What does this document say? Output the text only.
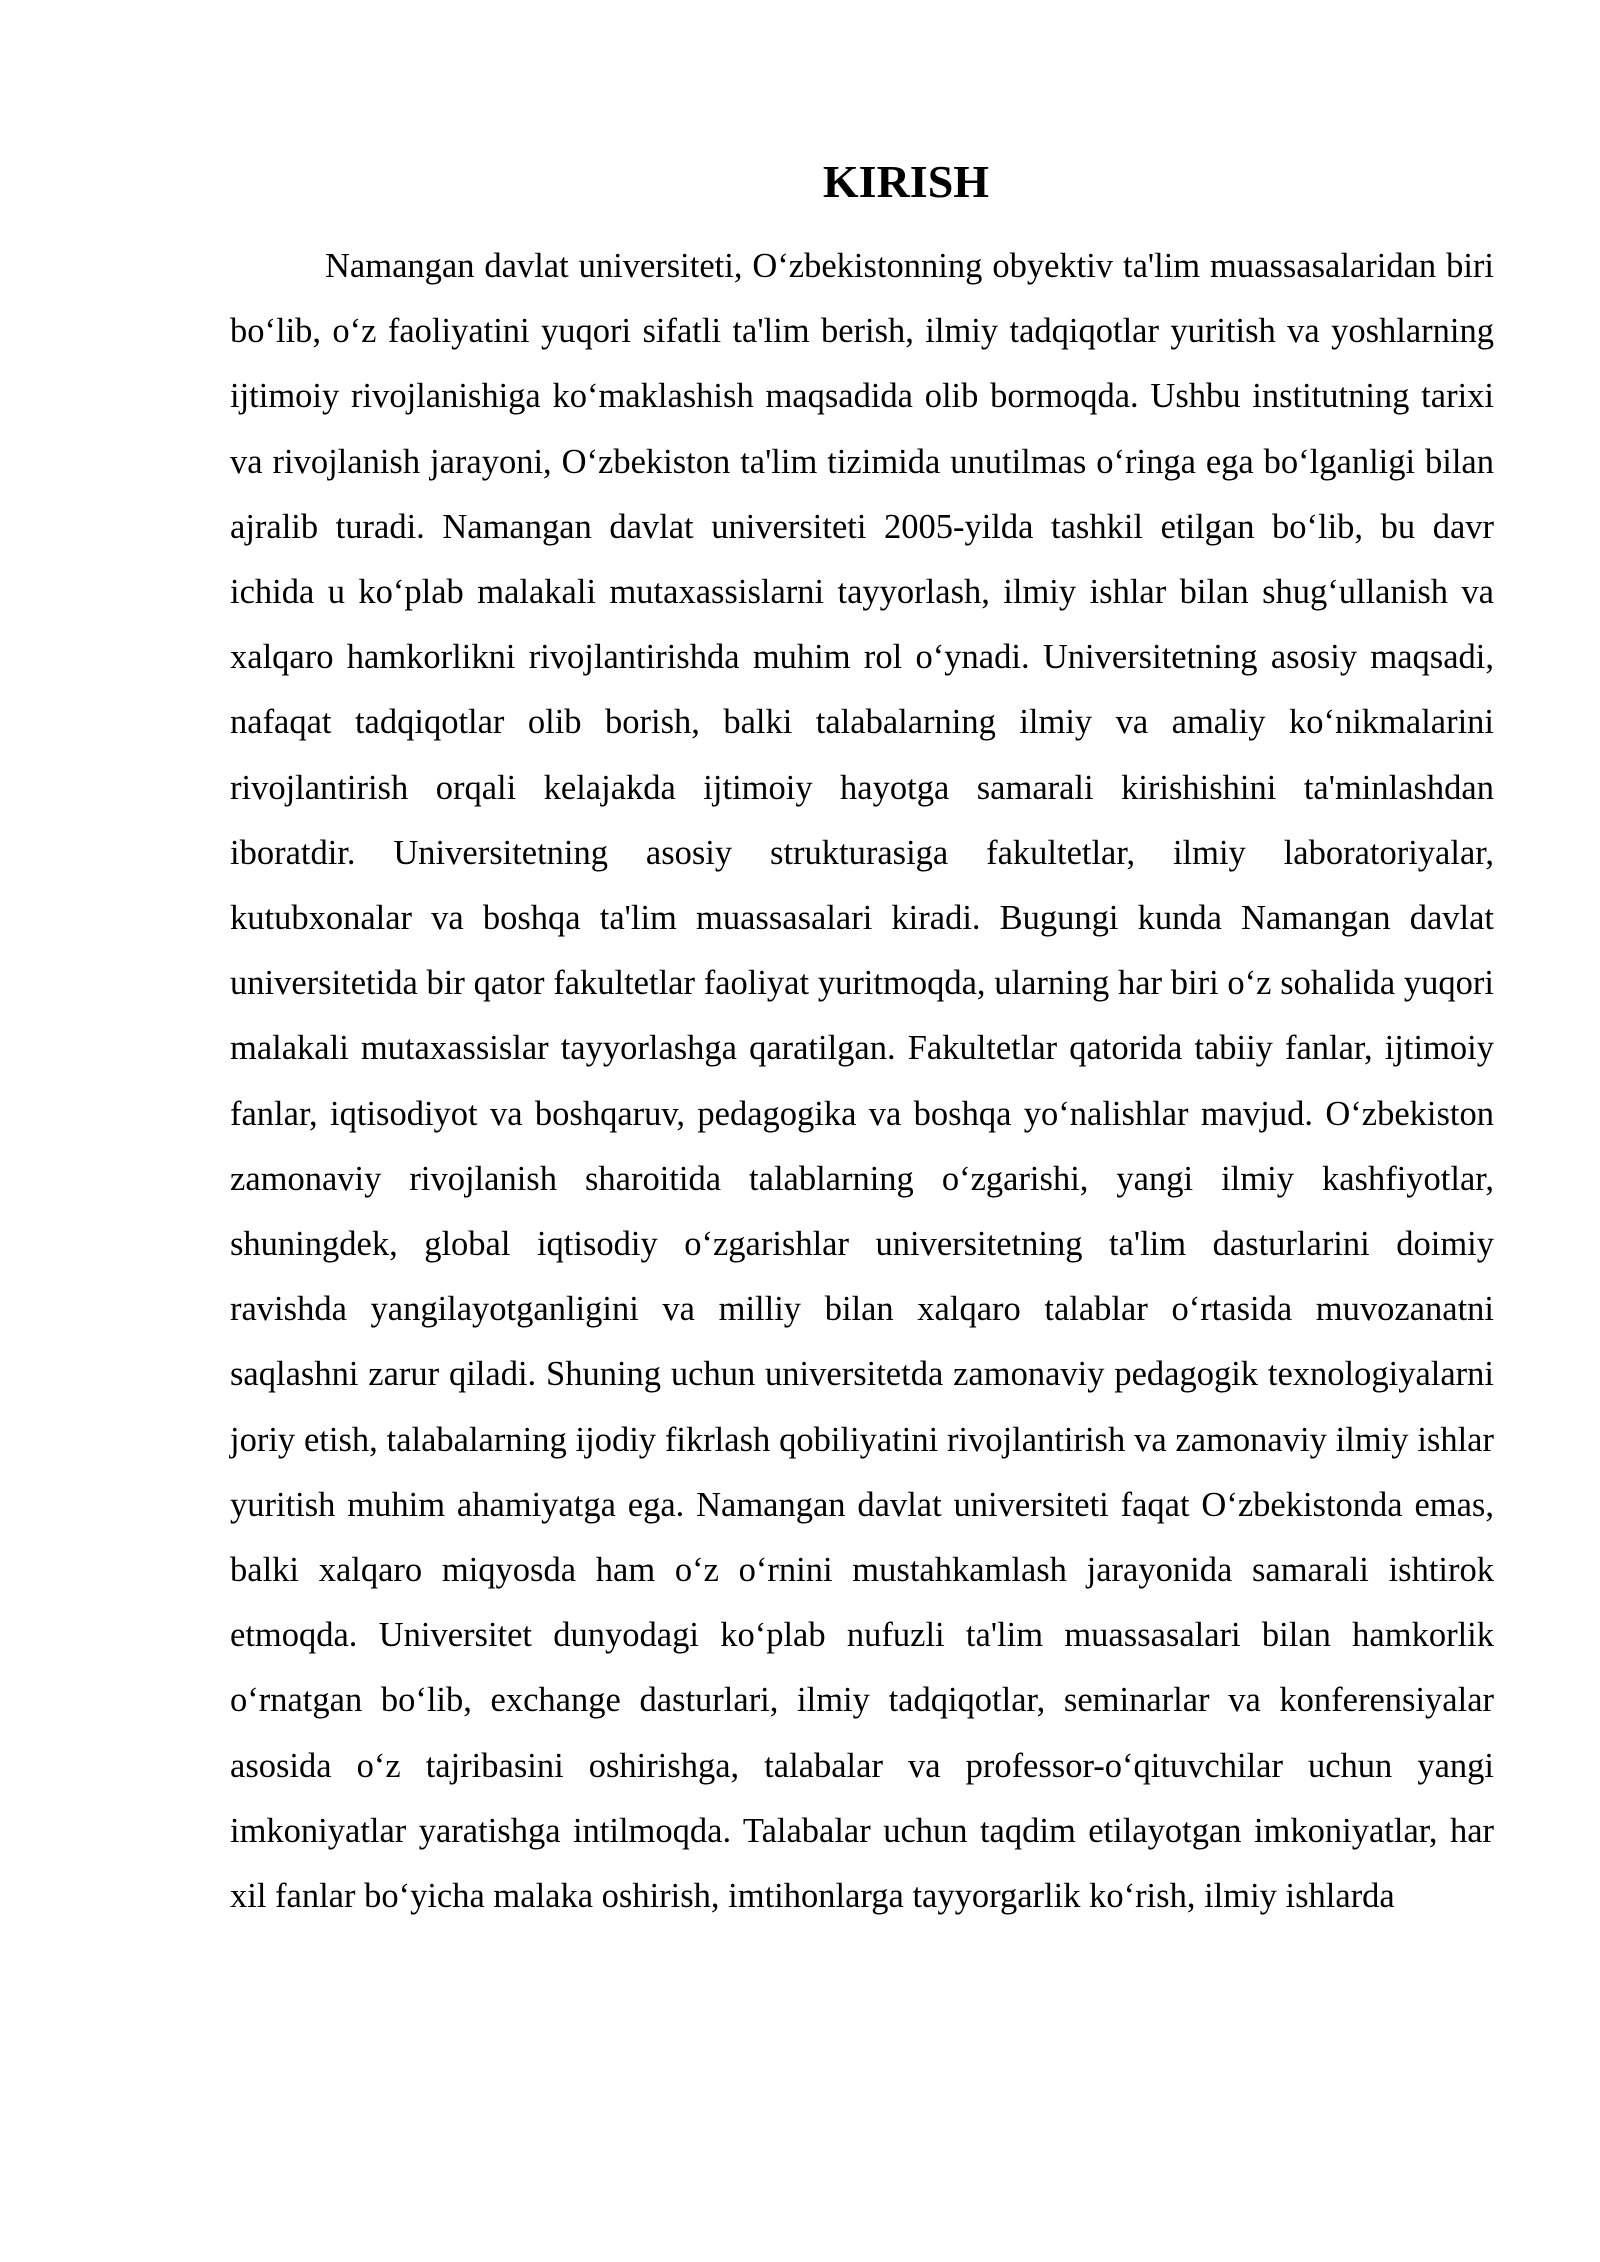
KIRISH

Namangan davlat universiteti, O‘zbekistonning obyektiv ta'lim muassasalaridan biri bo‘lib, o‘z faoliyatini yuqori sifatli ta'lim berish, ilmiy tadqiqotlar yuritish va yoshlarning ijtimoiy rivojlanishiga ko‘maklashish maqsadida olib bormoqda. Ushbu institutning tarixi va rivojlanish jarayoni, O‘zbekiston ta'lim tizimida unutilmas o‘ringa ega bo‘lganligi bilan ajralib turadi. Namangan davlat universiteti 2005-yilda tashkil etilgan bo‘lib, bu davr ichida u ko‘plab malakali mutaxassislarni tayyorlash, ilmiy ishlar bilan shug‘ullanish va xalqaro hamkorlikni rivojlantirishda muhim rol o‘ynadi. Universitetning asosiy maqsadi, nafaqat tadqiqotlar olib borish, balki talabalarning ilmiy va amaliy ko‘nikmalarini rivojlantirish orqali kelajakda ijtimoiy hayotga samarali kirishishini ta'minlashdan iboratdir. Universitetning asosiy strukturasiga fakultetlar, ilmiy laboratoriyalar, kutubxonalar va boshqa ta'lim muassasalari kiradi. Bugungi kunda Namangan davlat universitetida bir qator fakultetlar faoliyat yuritmoqda, ularning har biri o‘z sohalida yuqori malakali mutaxassislar tayyorlashga qaratilgan. Fakultetlar qatorida tabiiy fanlar, ijtimoiy fanlar, iqtisodiyot va boshqaruv, pedagogika va boshqa yo‘nalishlar mavjud. O‘zbekiston zamonaviy rivojlanish sharoitida talablarning o‘zgarishi, yangi ilmiy kashfiyotlar, shuningdek, global iqtisodiy o‘zgarishlar universitetning ta'lim dasturlarini doimiy ravishda yangilayotganligini va milliy bilan xalqaro talablar o‘rtasida muvozanatni saqlashni zarur qiladi. Shuning uchun universitetda zamonaviy pedagogik texnologiyalarni joriy etish, talabalarning ijodiy fikrlash qobiliyatini rivojlantirish va zamonaviy ilmiy ishlar yuritish muhim ahamiyatga ega. Namangan davlat universiteti faqat O‘zbekistonda emas, balki xalqaro miqyosda ham o‘z o‘rnini mustahkamlash jarayonida samarali ishtirok etmoqda. Universitet dunyodagi ko‘plab nufuzli ta'lim muassasalari bilan hamkorlik o‘rnatgan bo‘lib, exchange dasturlari, ilmiy tadqiqotlar, seminarlar va konferensiyalar asosida o‘z tajribasini oshirishga, talabalar va professor-o‘qituvchilar uchun yangi imkoniyatlar yaratishga intilmoqda. Talabalar uchun taqdim etilayotgan imkoniyatlar, har xil fanlar bo‘yicha malaka oshirish, imtihonlarga tayyorgarlik ko‘rish, ilmiy ishlarda
